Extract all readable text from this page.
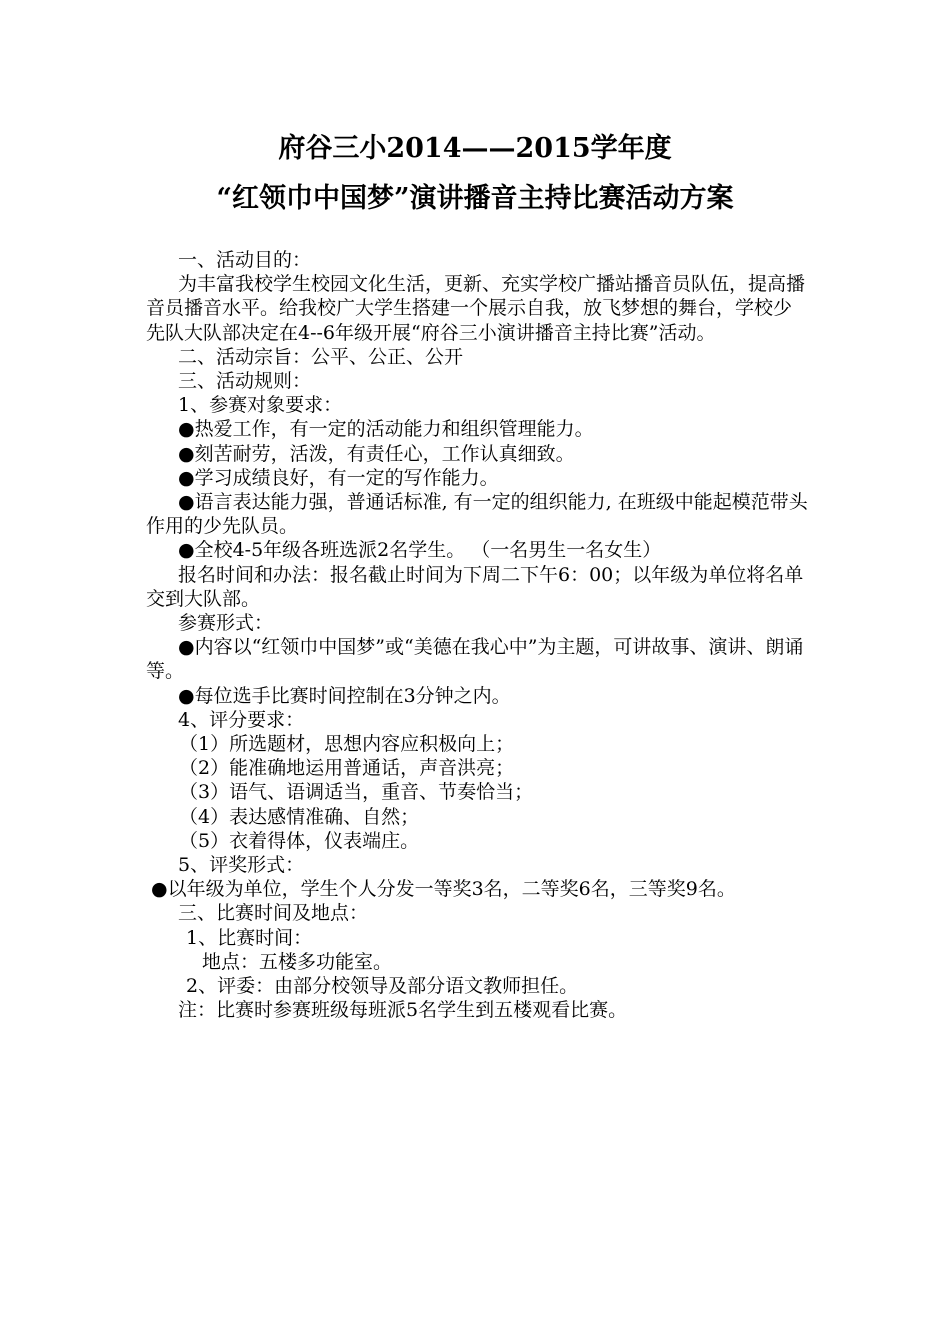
府谷三小2014——2015学年度
“红领巾中国梦”演讲播音主持比赛活动方案

一、活动目的：

为丰富我校学生校园文化生活，更新、充实学校广播站播音员队伍，提高播音员播音水平。给我校广大学生搭建一个展示自我，放飞梦想的舞台，学校少先队大队部决定在4--6年级开展“府谷三小演讲播音主持比赛”活动。

二、活动宗旨：公平、公正、公开

三、活动规则：

1、参赛对象要求：

●热爱工作，有一定的活动能力和组织管理能力。

●刻苦耐劳，活泼，有责任心，工作认真细致。

●学习成绩良好，有一定的写作能力。

●语言表达能力强，普通话标准, 有一定的组织能力, 在班级中能起模范带头作用的少先队员。

●全校4-5年级各班选派2名学生。 （一名男生一名女生）

报名时间和办法：报名截止时间为下周二下午6：00；以年级为单位将名单交到大队部。

参赛形式：

●内容以“红领巾中国梦”或“美德在我心中”为主题，可讲故事、演讲、朗诵等。

●每位选手比赛时间控制在3分钟之内。

4、评分要求：

（1）所选题材，思想内容应积极向上；

（2）能准确地运用普通话，声音洪亮；

（3）语气、语调适当，重音、节奏恰当；

（4）表达感情准确、自然；

（5）衣着得体，仪表端庄。

5、评奖形式：

●以年级为单位，学生个人分发一等奖3名，二等奖6名，三等奖9名。

三、比赛时间及地点：

1、比赛时间：

地点：五楼多功能室。

2、评委：由部分校领导及部分语文教师担任。

注：比赛时参赛班级每班派5名学生到五楼观看比赛。
